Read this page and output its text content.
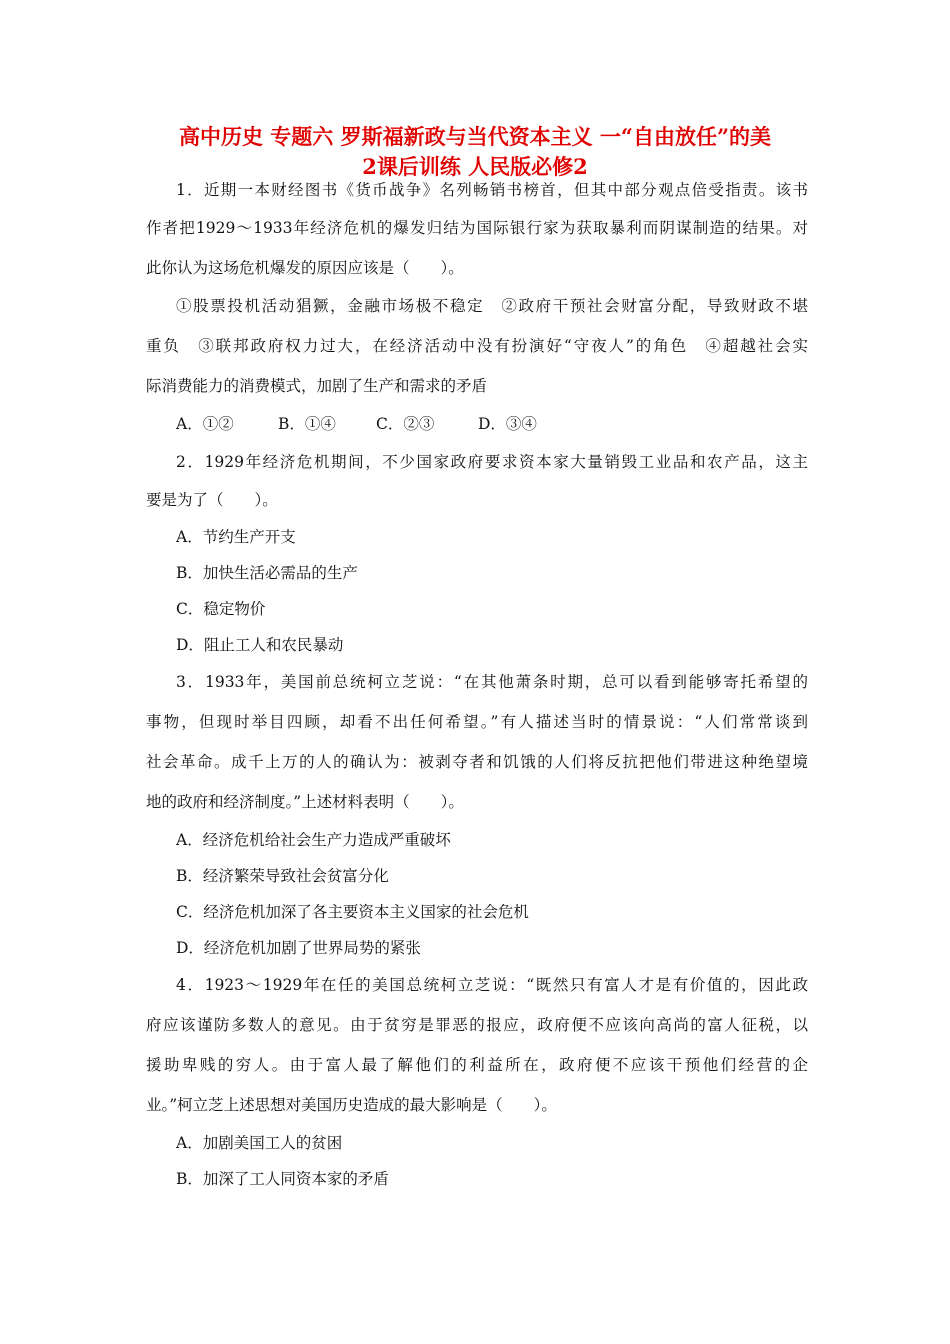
高中历史 专题六 罗斯福新政与当代资本主义 一“自由放任”的美
2课后训练 人民版必修2
1．近期一本财经图书《货币战争》名列畅销书榜首，但其中部分观点倍受指责。该书
作者把1929～1933年经济危机的爆发归结为国际银行家为获取暴利而阴谋制造的结果。对
此你认为这场危机爆发的原因应该是（　　）。
①股票投机活动猖獗，金融市场极不稳定　②政府干预社会财富分配，导致财政不堪
重负　③联邦政府权力过大，在经济活动中没有扮演好“守夜人”的角色　④超越社会实
际消费能力的消费模式，加剧了生产和需求的矛盾
A．①②	B．①④	C．②③	D．③④
2．1929年经济危机期间，不少国家政府要求资本家大量销毁工业品和农产品，这主
要是为了（　　）。
A．节约生产开支
B．加快生活必需品的生产
C．稳定物价
D．阻止工人和农民暴动
3．1933年，美国前总统柯立芝说：“在其他萧条时期，总可以看到能够寄托希望的
事物，但现时举目四顾，却看不出任何希望。”有人描述当时的情景说：“人们常常谈到
社会革命。成千上万的人的确认为：被剥夺者和饥饿的人们将反抗把他们带进这种绝望境
地的政府和经济制度。”上述材料表明（　　）。
A．经济危机给社会生产力造成严重破坏
B．经济繁荣导致社会贫富分化
C．经济危机加深了各主要资本主义国家的社会危机
D．经济危机加剧了世界局势的紧张
4．1923～1929年在任的美国总统柯立芝说：“既然只有富人才是有价值的，因此政
府应该谨防多数人的意见。由于贫穷是罪恶的报应，政府便不应该向高尚的富人征税，以
援助卑贱的穷人。由于富人最了解他们的利益所在，政府便不应该干预他们经营的企
业。”柯立芝上述思想对美国历史造成的最大影响是（　　）。
A．加剧美国工人的贫困
B．加深了工人同资本家的矛盾
